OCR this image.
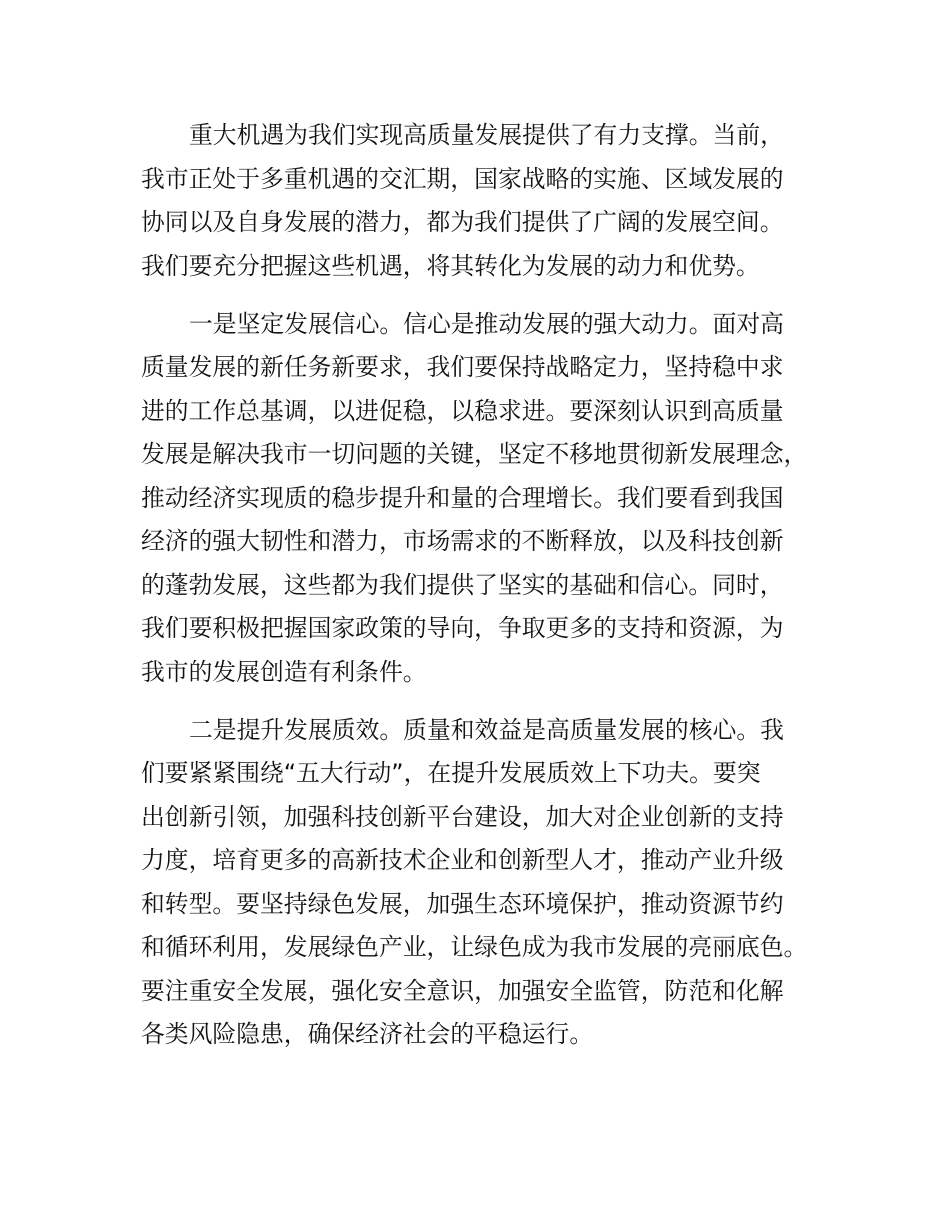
重大机遇为我们实现高质量发展提供了有力支撑。当前，
我市正处于多重机遇的交汇期，国家战略的实施、区域发展的
协同以及自身发展的潜力，都为我们提供了广阔的发展空间。
我们要充分把握这些机遇，将其转化为发展的动力和优势。

一是坚定发展信心。信心是推动发展的强大动力。面对高
质量发展的新任务新要求，我们要保持战略定力，坚持稳中求
进的工作总基调，以进促稳，以稳求进。要深刻认识到高质量
发展是解决我市一切问题的关键，坚定不移地贯彻新发展理念，
推动经济实现质的稳步提升和量的合理增长。我们要看到我国
经济的强大韧性和潜力，市场需求的不断释放，以及科技创新
的蓬勃发展，这些都为我们提供了坚实的基础和信心。同时，
我们要积极把握国家政策的导向，争取更多的支持和资源，为
我市的发展创造有利条件。

二是提升发展质效。质量和效益是高质量发展的核心。我
们要紧紧围绕“五大行动”，在提升发展质效上下功夫。要突
出创新引领，加强科技创新平台建设，加大对企业创新的支持
力度，培育更多的高新技术企业和创新型人才，推动产业升级
和转型。要坚持绿色发展，加强生态环境保护，推动资源节约
和循环利用，发展绿色产业，让绿色成为我市发展的亮丽底色。
要注重安全发展，强化安全意识，加强安全监管，防范和化解
各类风险隐患，确保经济社会的平稳运行。
